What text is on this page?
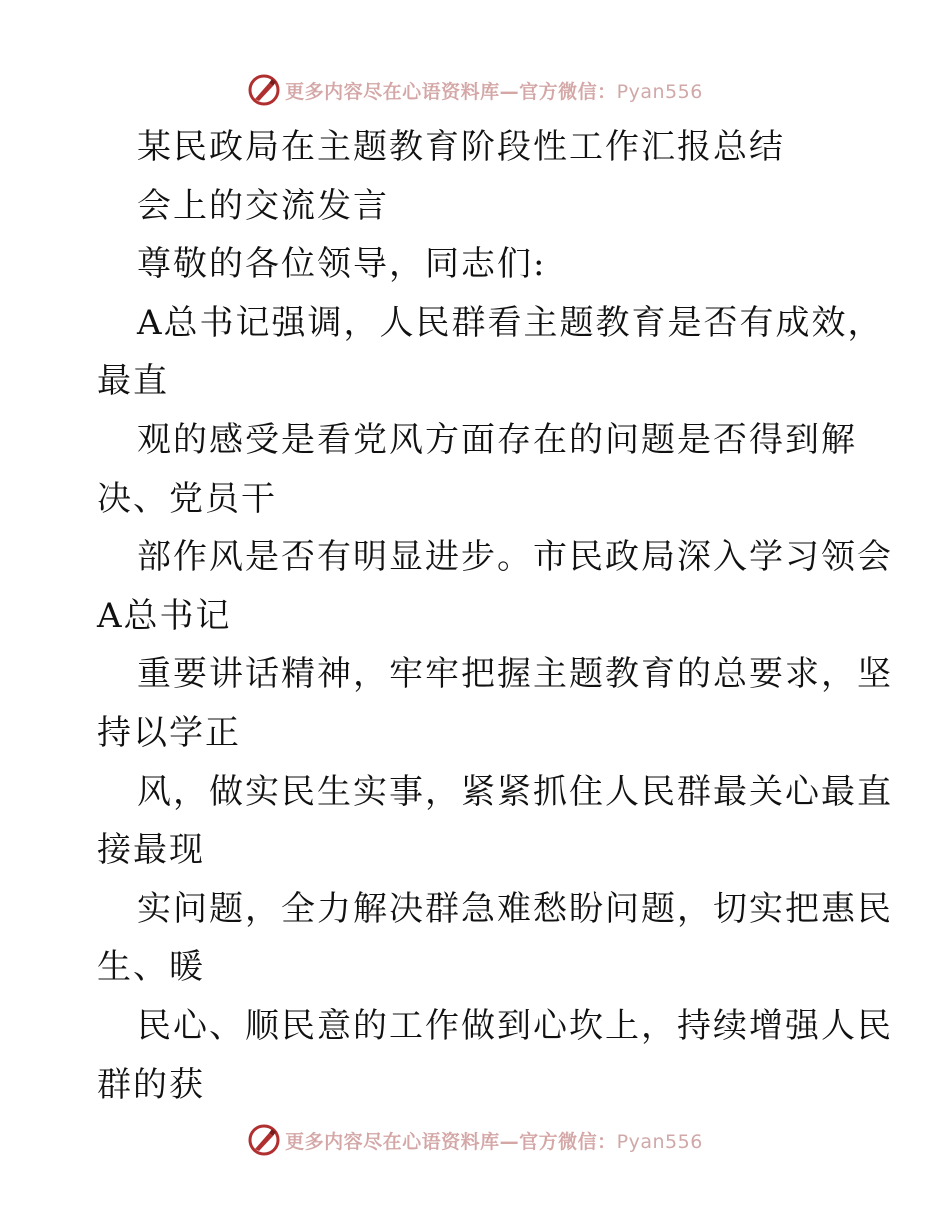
更多内容尽在心语资料库—官方微信：Pyan556
某民政局在主题教育阶段性工作汇报总结
会上的交流发言
尊敬的各位领导，同志们:
A总书记强调，人民群看主题教育是否有成效，
最直
观的感受是看党风方面存在的问题是否得到解
决、党员干
部作风是否有明显进步。市民政局深入学习领会
A总书记
重要讲话精神，牢牢把握主题教育的总要求，坚
持以学正
风，做实民生实事，紧紧抓住人民群最关心最直
接最现
实问题，全力解决群急难愁盼问题，切实把惠民
生、暖
民心、顺民意的工作做到心坎上，持续增强人民
群的获
更多内容尽在心语资料库—官方微信：Pyan556
